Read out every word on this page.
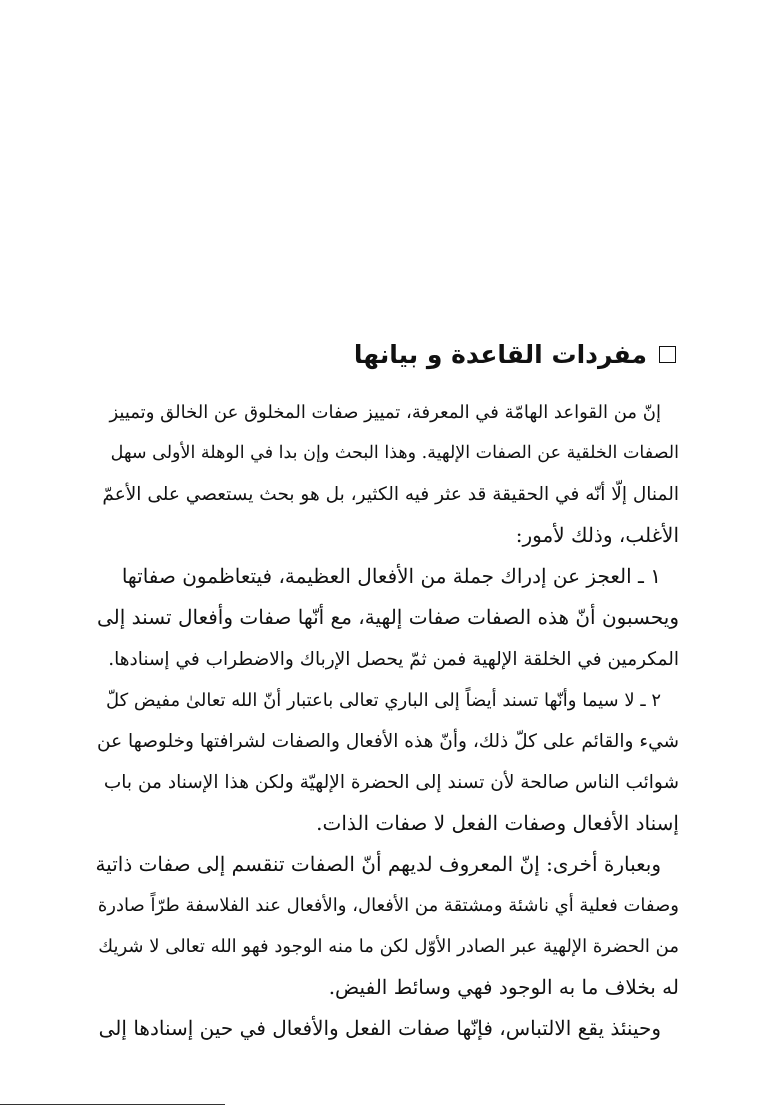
مفردات القاعدة و بيانها
إنّ من القواعد الهامّة في المعرفة، تمييز صفات المخلوق عن الخالق وتمييز
الصفات الخلقية عن الصفات الإلهية. وهذا البحث وإن بدا في الوهلة الأولى سهل
المنال إلّا أنّه في الحقيقة قد عثر فيه الكثير، بل هو بحث يستعصي على الأعمّ
الأغلب، وذلك لأمور:
١ ـ العجز عن إدراك جملة من الأفعال العظيمة، فيتعاظمون صفاتها
ويحسبون أنّ هذه الصفات صفات إلهية، مع أنّها صفات وأفعال تسند إلى
المكرمين في الخلقة الإلهية فمن ثمّ يحصل الإرباك والاضطراب في إسنادها.
٢ ـ لا سيما وأنّها تسند أيضاً إلى الباري تعالى باعتبار أنّ الله تعالىٰ مفيض كلّ
شيء والقائم على كلّ ذلك، وأنّ هذه الأفعال والصفات لشرافتها وخلوصها عن
شوائب الناس صالحة لأن تسند إلى الحضرة الإلهيّة ولكن هذا الإسناد من باب
إسناد الأفعال وصفات الفعل لا صفات الذات.
وبعبارة أخرى: إنّ المعروف لديهم أنّ الصفات تنقسم إلى صفات ذاتية
وصفات فعلية أي ناشئة ومشتقة من الأفعال، والأفعال عند الفلاسفة طرّاً صادرة
من الحضرة الإلهية عبر الصادر الأوّل لكن ما منه الوجود فهو الله تعالى لا شريك
له بخلاف ما به الوجود فهي وسائط الفيض.
وحينئذ يقع الالتباس، فإنّها صفات الفعل والأفعال في حين إسنادها إلى
